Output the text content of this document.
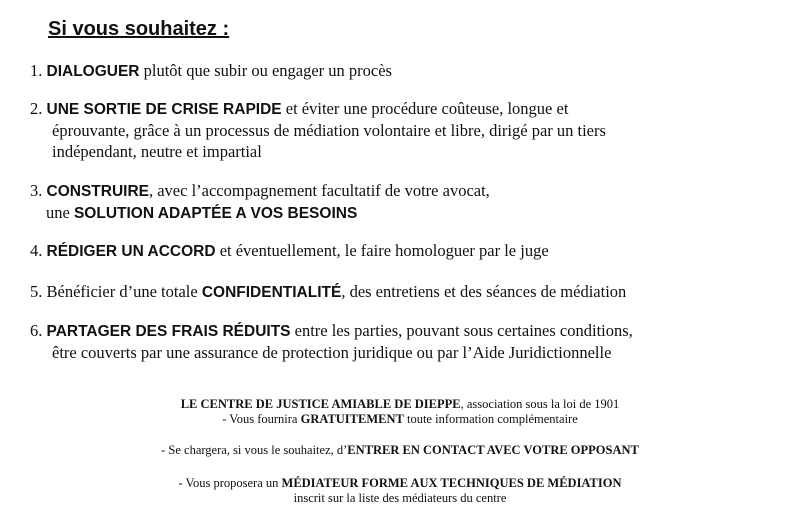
Si vous souhaitez :
1. DIALOGUER plutôt que subir ou engager un procès
2. UNE SORTIE DE CRISE RAPIDE et éviter une procédure coûteuse, longue et
éprouvante, grâce à un processus de médiation volontaire et libre, dirigé par un tiers
indépendant, neutre et impartial
3. CONSTRUIRE, avec l’accompagnement facultatif de votre avocat,
une SOLUTION ADAPTÉE A VOS BESOINS
4. RÉDIGER UN ACCORD et éventuellement, le faire homologuer par le juge
5. Bénéficier d’une totale CONFIDENTIALITÉ, des entretiens et des séances de médiation
6. PARTAGER DES FRAIS RÉDUITS entre les parties, pouvant sous certaines conditions,
être couverts par une assurance de protection juridique ou par l’Aide Juridictionnelle
LE CENTRE DE JUSTICE AMIABLE DE DIEPPE, association sous la loi de 1901
- Vous fournira GRATUITEMENT toute information complémentaire
- Se chargera, si vous le souhaitez, d’ENTRER EN CONTACT AVEC VOTRE OPPOSANT
- Vous proposera un MÉDIATEUR FORME AUX TECHNIQUES DE MÉDIATION
inscrit sur la liste des médiateurs du centre
